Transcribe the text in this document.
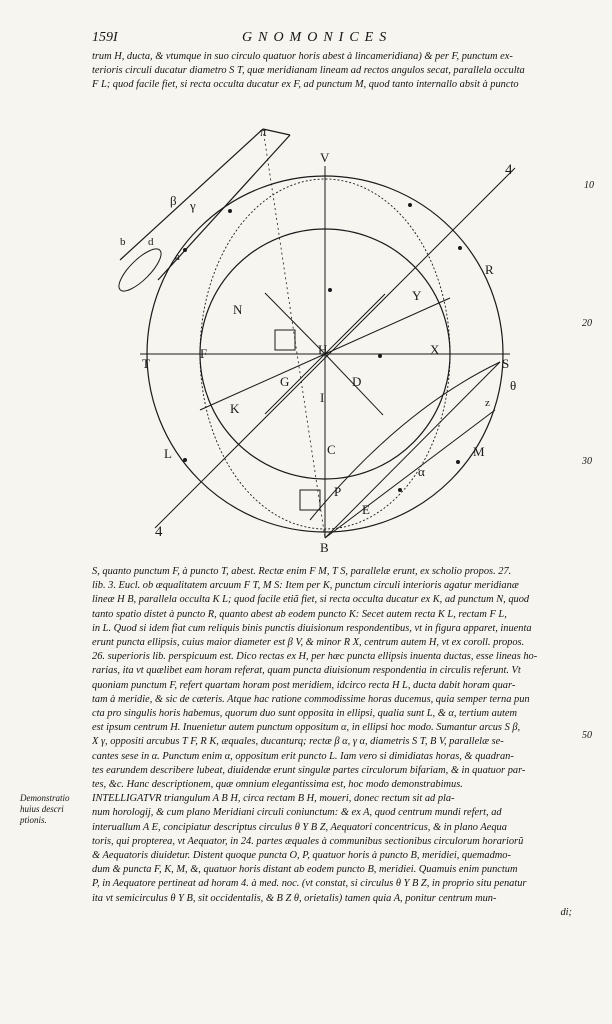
159I	GNOMONICES
trum H, ducta, & vtumque in suo circulo quatuor horis abest à lincameridiana) & per F, punctum ex-
terioris circuli ducatur diametro S T, quæ meridianam lineam ad rectos angulos secat, parallela occulta
F L; quod facile fiet, si recta occulta ducatur ex F, ad punctum M, quod tanto internallo absit à puncto
10
20
30
50
π
V
B
T	S
H	X
F
G	D
I
N
K
L	C
E
P
M
R
Y
4
4
β
θ
γ
α
a
b d
z
S, quanto punctum F, à puncto T, abest. Rectæ enim F M, T S, parallelæ erunt, ex scholio propos. 27.
lib. 3. Eucl. ob æqualitatem arcuum F T, M S: Item per K, punctum circuli interioris agatur meridianæ
lineæ H B, parallela occulta K L; quod facile etiã fiet, si recta occulta ducatur ex K, ad punctum N, quod
tanto spatio distet à puncto R, quanto abest ab eodem puncto K: Secet autem recta K L, rectam F L,
in L. Quod si idem fiat cum reliquis binis punctis diuisionum respondentibus, vt in figura apparet, inuenta
erunt puncta ellipsis, cuius maior diameter est β V, & minor R X, centrum autem H, vt ex coroll. propos.
26. superioris lib. perspicuum est. Dico rectas ex H, per hæc puncta ellipsis inuenta ductas, esse lineas ho-
rarias, ita vt quælibet eam horam referat, quam puncta diuisionum respondentia in circulis referunt. Vt
quoniam punctum F, refert quartam horam post meridiem, idcirco recta H L, ducta dabit horam quar-
tam à meridie, & sic de cæteris. Atque hac ratione commodissime horas ducemus, quia semper terna pun
cta pro singulis horis habemus, quorum duo sunt opposita in ellipsi, qualia sunt L, & α, tertium autem
est ipsum centrum H. Inuenietur autem punctum oppositum α, in ellipsi hoc modo. Sumantur arcus S β,
X γ, oppositi arcubus T F, R K, æquales, ducanturq; rectæ β α, γ α, diametris S T, B V, parallelæ se-
cantes sese in α. Punctum enim α, oppositum erit puncto L. Iam vero si dimidiatas horas, & quadran-
tes earundem describere lubeat, diuidendæ erunt singulæ partes circulorum bifariam, & in quatuor par-
tes, &c. Hanc descriptionem, quæ omnium elegantissima est, hoc modo demonstrabimus.
INTELLIGATVR triangulum A B H, circa rectam B H, moueri, donec rectum sit ad pla-
num horologij, & cum plano Meridiani circuli coniunctum: & ex A, quod centrum mundi refert, ad
interuallum A E, concipiatur descriptus circulus θ Y B Z, Aequatori concentricus, & in plano Aequa
toris, qui propterea, vt Aequator, in 24. partes æquales à communibus sectionibus circulorum horariorũ
& Aequatoris diuidetur. Distent quoque puncta O, P, quatuor horis à puncto B, meridiei, quemadmo-
dum & puncta F, K, M, &, quatuor horis distant ab eodem puncto B, meridiei. Quamuis enim punctum
P, in Aequatore pertineat ad horam 4. à med. noc. (vt constat, si circulus θ Y B Z, in proprio situ penatur
ita vt semicirculus θ Y B, sit occidentalis, & B Z θ, orietalis) tamen quia A, ponitur centrum mun-
di;
Demonstratio huius descri ptionis.
